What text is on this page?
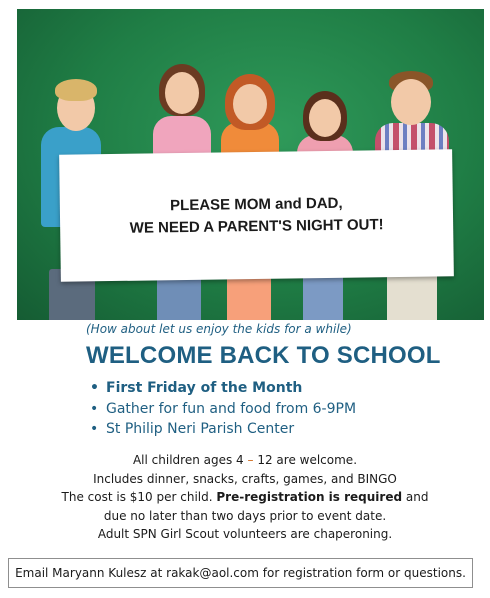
PLEASE MOM and DAD,
WE NEED A PARENT'S NIGHT OUT!
(How about let us enjoy the kids for a while)
WELCOME BACK TO SCHOOL
• First Friday of the Month
• Gather for fun and food from 6-9PM
• St Philip Neri Parish Center
All children ages 4 – 12 are welcome.
Includes dinner, snacks, crafts, games, and BINGO
The cost is $10 per child. Pre-registration is required and
due no later than two days prior to event date.
Adult SPN Girl Scout volunteers are chaperoning.
Email Maryann Kulesz at rakak@aol.com for registration form or questions.
